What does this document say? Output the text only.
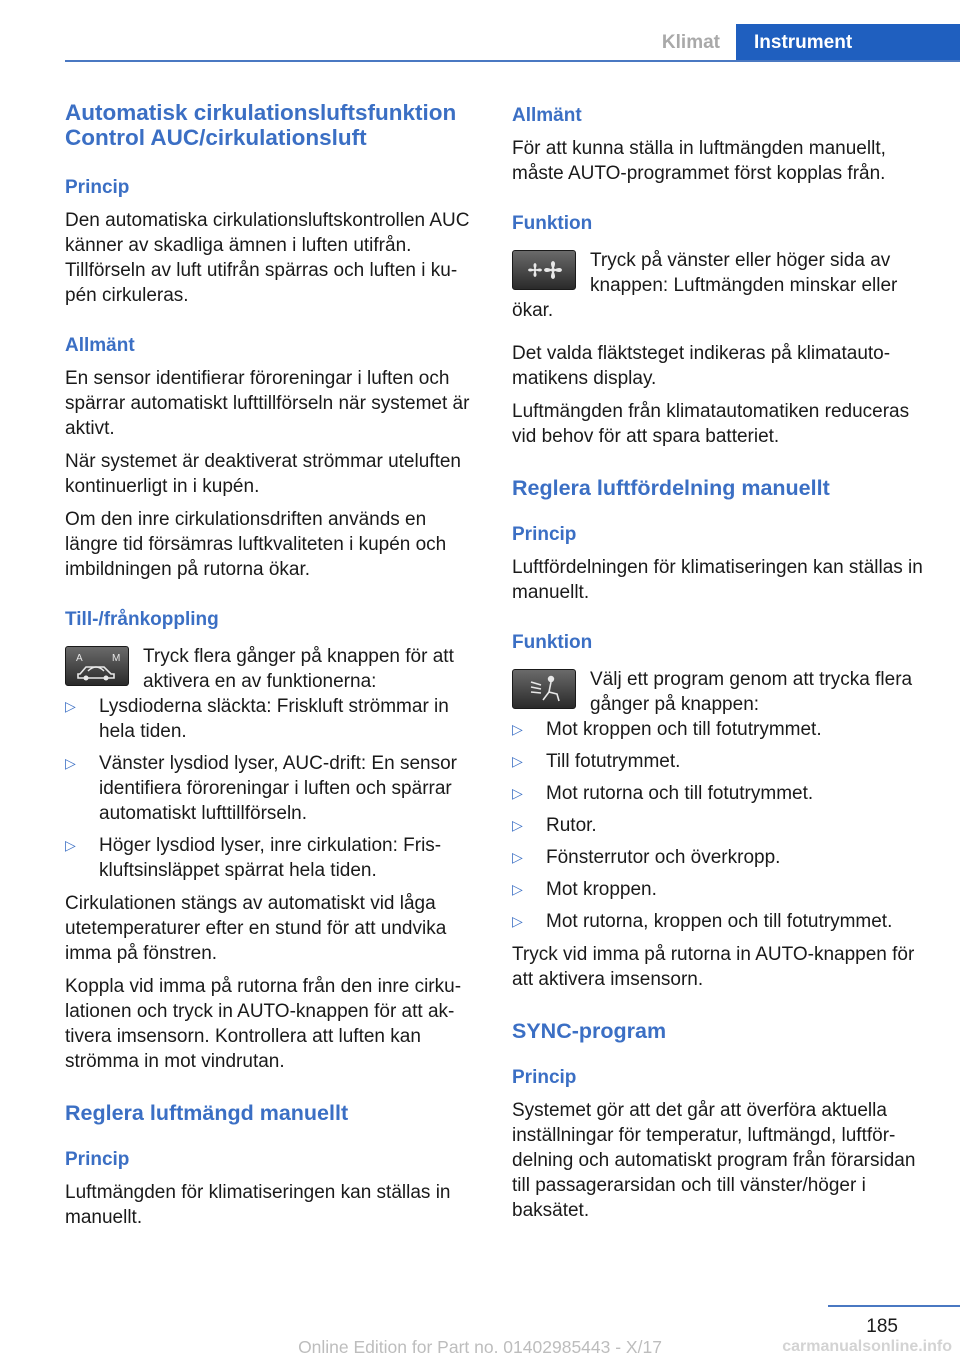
Klimat	Instrument
Automatisk cirkulationsluftsfunktion Control AUC/cirkulationsluft
Princip

Den automatiska cirkulationsluftskontrollen AUC känner av skadliga ämnen i luften utifrån. Tillförseln av luft utifrån spärras och luften i kupén cirkuleras.

Allmänt

En sensor identifierar föroreningar i luften och spärrar automatiskt lufttillförseln när systemet är aktivt.

När systemet är deaktiverat strömmar uteluften kontinuerligt in i kupén.

Om den inre cirkulationsdriften används en längre tid försämras luftkvaliteten i kupén och imbildningen på rutorna ökar.

Till-/frånkoppling
A	M Tryck flera gånger på knappen för att aktivera en av funktionerna:
▷ Lysdioderna släckta: Friskluft strömmar in hela tiden.
▷ Vänster lysdiod lyser, AUC-drift: En sensor identifiera föroreningar i luften och spärrar automatiskt lufttillförseln.
▷ Höger lysdiod lyser, inre cirkulation: Friskluftsinsläppet spärrat hela tiden.

Cirkulationen stängs av automatiskt vid låga utetemperaturer efter en stund för att undvika imma på fönstren.

Koppla vid imma på rutorna från den inre cirkulationen och tryck in AUTO-knappen för att aktivera imsensorn. Kontrollera att luften kan strömma in mot vindrutan.

Reglera luftmängd manuellt
Princip

Luftmängden för klimatiseringen kan ställas in manuellt.

Allmänt

För att kunna ställa in luftmängden manuellt, måste AUTO-programmet först kopplas från.

Funktion
Tryck på vänster eller höger sida av knappen: Luftmängden minskar eller ökar.

Det valda fläktsteget indikeras på klimatautomatikens display.

Luftmängden från klimatautomatiken reduceras vid behov för att spara batteriet.

Reglera luftfördelning manuellt
Princip

Luftfördelningen för klimatiseringen kan ställas in manuellt.

Funktion
Välj ett program genom att trycka flera gånger på knappen:
▷ Mot kroppen och till fotutrymmet.
▷ Till fotutrymmet.
▷ Mot rutorna och till fotutrymmet.
▷ Rutor.
▷ Fönsterrutor och överkropp.
▷ Mot kroppen.
▷ Mot rutorna, kroppen och till fotutrymmet.

Tryck vid imma på rutorna in AUTO-knappen för att aktivera imsensorn.

SYNC-program
Princip

Systemet gör att det går att överföra aktuella inställningar för temperatur, luftmängd, luftfördelning och automatiskt program från förarsidan till passagerarsidan och till vänster/höger i baksätet.

185
Online Edition for Part no. 01402985443 - X/17	carmanualsonline.info
